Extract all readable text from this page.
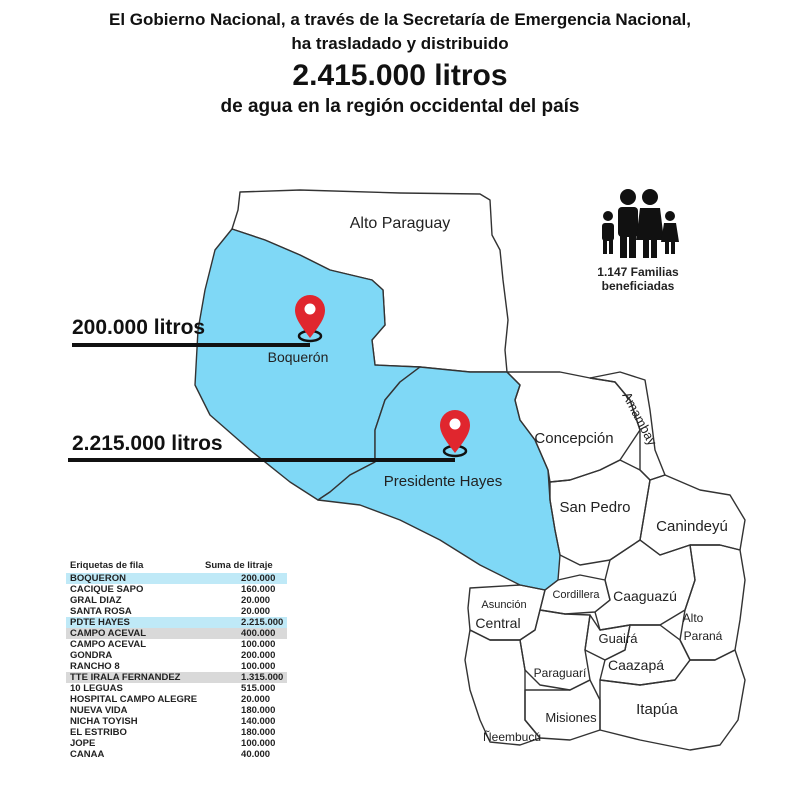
El Gobierno Nacional, a través de la Secretaría de Emergencia Nacional,
ha trasladado y distribuido
2.415.000 litros
de agua en la región occidental del país
Alto Paraguay
Boquerón
Presidente Hayes
Concepción Amambay
San Pedro
Canindeyú
Asunción
Central
Cordillera Caaguazú
Alto
Paraná
Guairá
Caazapá
Paraguarí
Misiones	Itapúa
Ñeembucú
200.000 litros
2.215.000 litros
1.147 Familias
beneficiadas
Eriquetas de fila	Suma de litraje
BOQUERON	200.000
CACIQUE SAPO	160.000
GRAL DIAZ	20.000
SANTA ROSA	20.000
PDTE HAYES	2.215.000
CAMPO ACEVAL	400.000
CAMPO ACEVAL	100.000
GONDRA	200.000
RANCHO 8	100.000
TTE IRALA FERNANDEZ	1.315.000
10 LEGUAS	515.000
HOSPITAL CAMPO ALEGRE	20.000
NUEVA VIDA	180.000
NICHA TOYISH	140.000
EL ESTRIBO	180.000
JOPE	100.000
CANAA	40.000
